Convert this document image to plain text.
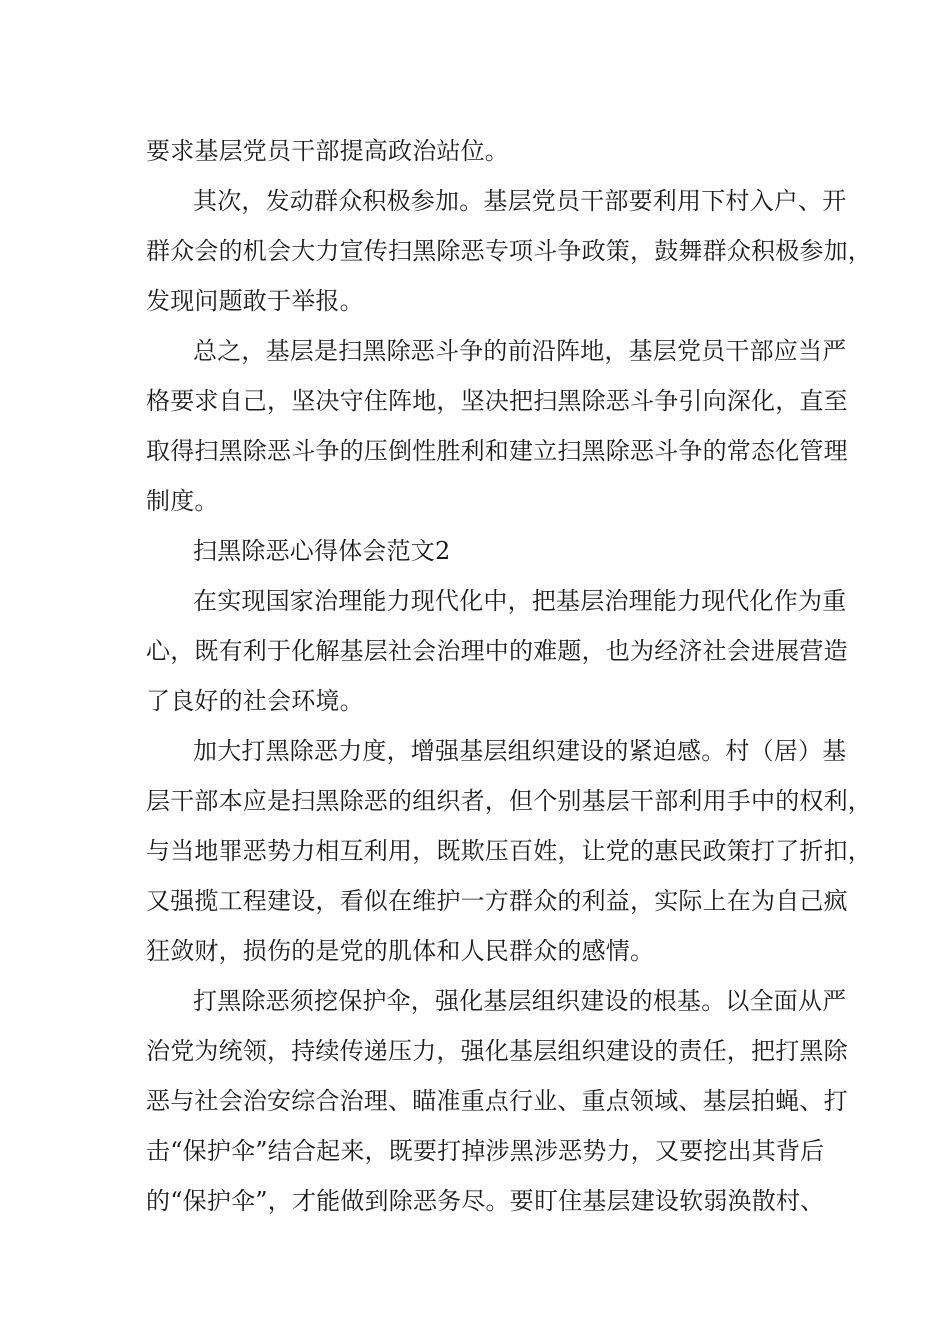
要求基层党员干部提高政治站位。

其次，发动群众积极参加。基层党员干部要利用下村入户、开

群众会的机会大力宣传扫黑除恶专项斗争政策，鼓舞群众积极参加，

发现问题敢于举报。

总之，基层是扫黑除恶斗争的前沿阵地，基层党员干部应当严

格要求自己，坚决守住阵地，坚决把扫黑除恶斗争引向深化，直至

取得扫黑除恶斗争的压倒性胜利和建立扫黑除恶斗争的常态化管理

制度。

扫黑除恶心得体会范文2

在实现国家治理能力现代化中，把基层治理能力现代化作为重

心，既有利于化解基层社会治理中的难题，也为经济社会进展营造

了良好的社会环境。

加大打黑除恶力度，增强基层组织建设的紧迫感。村（居）基

层干部本应是扫黑除恶的组织者，但个别基层干部利用手中的权利，

与当地罪恶势力相互利用，既欺压百姓，让党的惠民政策打了折扣，

又强揽工程建设，看似在维护一方群众的利益，实际上在为自己疯

狂敛财，损伤的是党的肌体和人民群众的感情。

打黑除恶须挖保护伞，强化基层组织建设的根基。以全面从严

治党为统领，持续传递压力，强化基层组织建设的责任，把打黑除

恶与社会治安综合治理、瞄准重点行业、重点领域、基层拍蝇、打

击“保护伞”结合起来，既要打掉涉黑涉恶势力，又要挖出其背后

的“保护伞”，才能做到除恶务尽。要盯住基层建设软弱涣散村、
